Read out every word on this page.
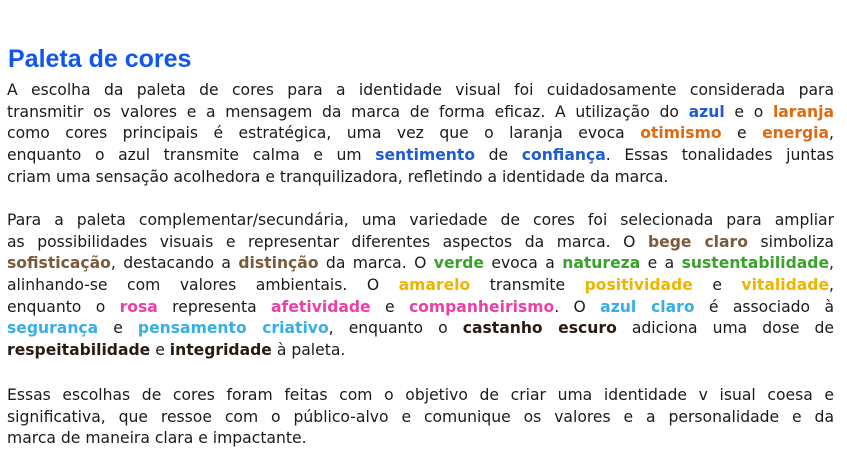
Paleta de cores
A escolha da paleta de cores para a identidade visual foi cuidadosamente considerada para
transmitir os valores e a mensagem da marca de forma eficaz. A utilização do azul e o laranja
como cores principais é estratégica, uma vez que o laranja evoca otimismo e energia,
enquanto o azul transmite calma e um sentimento de confiança. Essas tonalidades juntas
criam uma sensação acolhedora e tranquilizadora, refletindo a identidade da marca.
Para a paleta complementar/secundária, uma variedade de cores foi selecionada para ampliar
as possibilidades visuais e representar diferentes aspectos da marca. O bege claro simboliza
sofisticação, destacando a distinção da marca. O verde evoca a natureza e a sustentabilidade,
alinhando-se com valores ambientais. O amarelo transmite positividade e vitalidade,
enquanto o rosa representa afetividade e companheirismo. O azul claro é associado à
segurança e pensamento criativo, enquanto o castanho escuro adiciona uma dose de
respeitabilidade e integridade à paleta.
Essas escolhas de cores foram feitas com o objetivo de criar uma identidade v isual coesa e
significativa, que ressoe com o público-alvo e comunique os valores e a personalidade e da
marca de maneira clara e impactante.
